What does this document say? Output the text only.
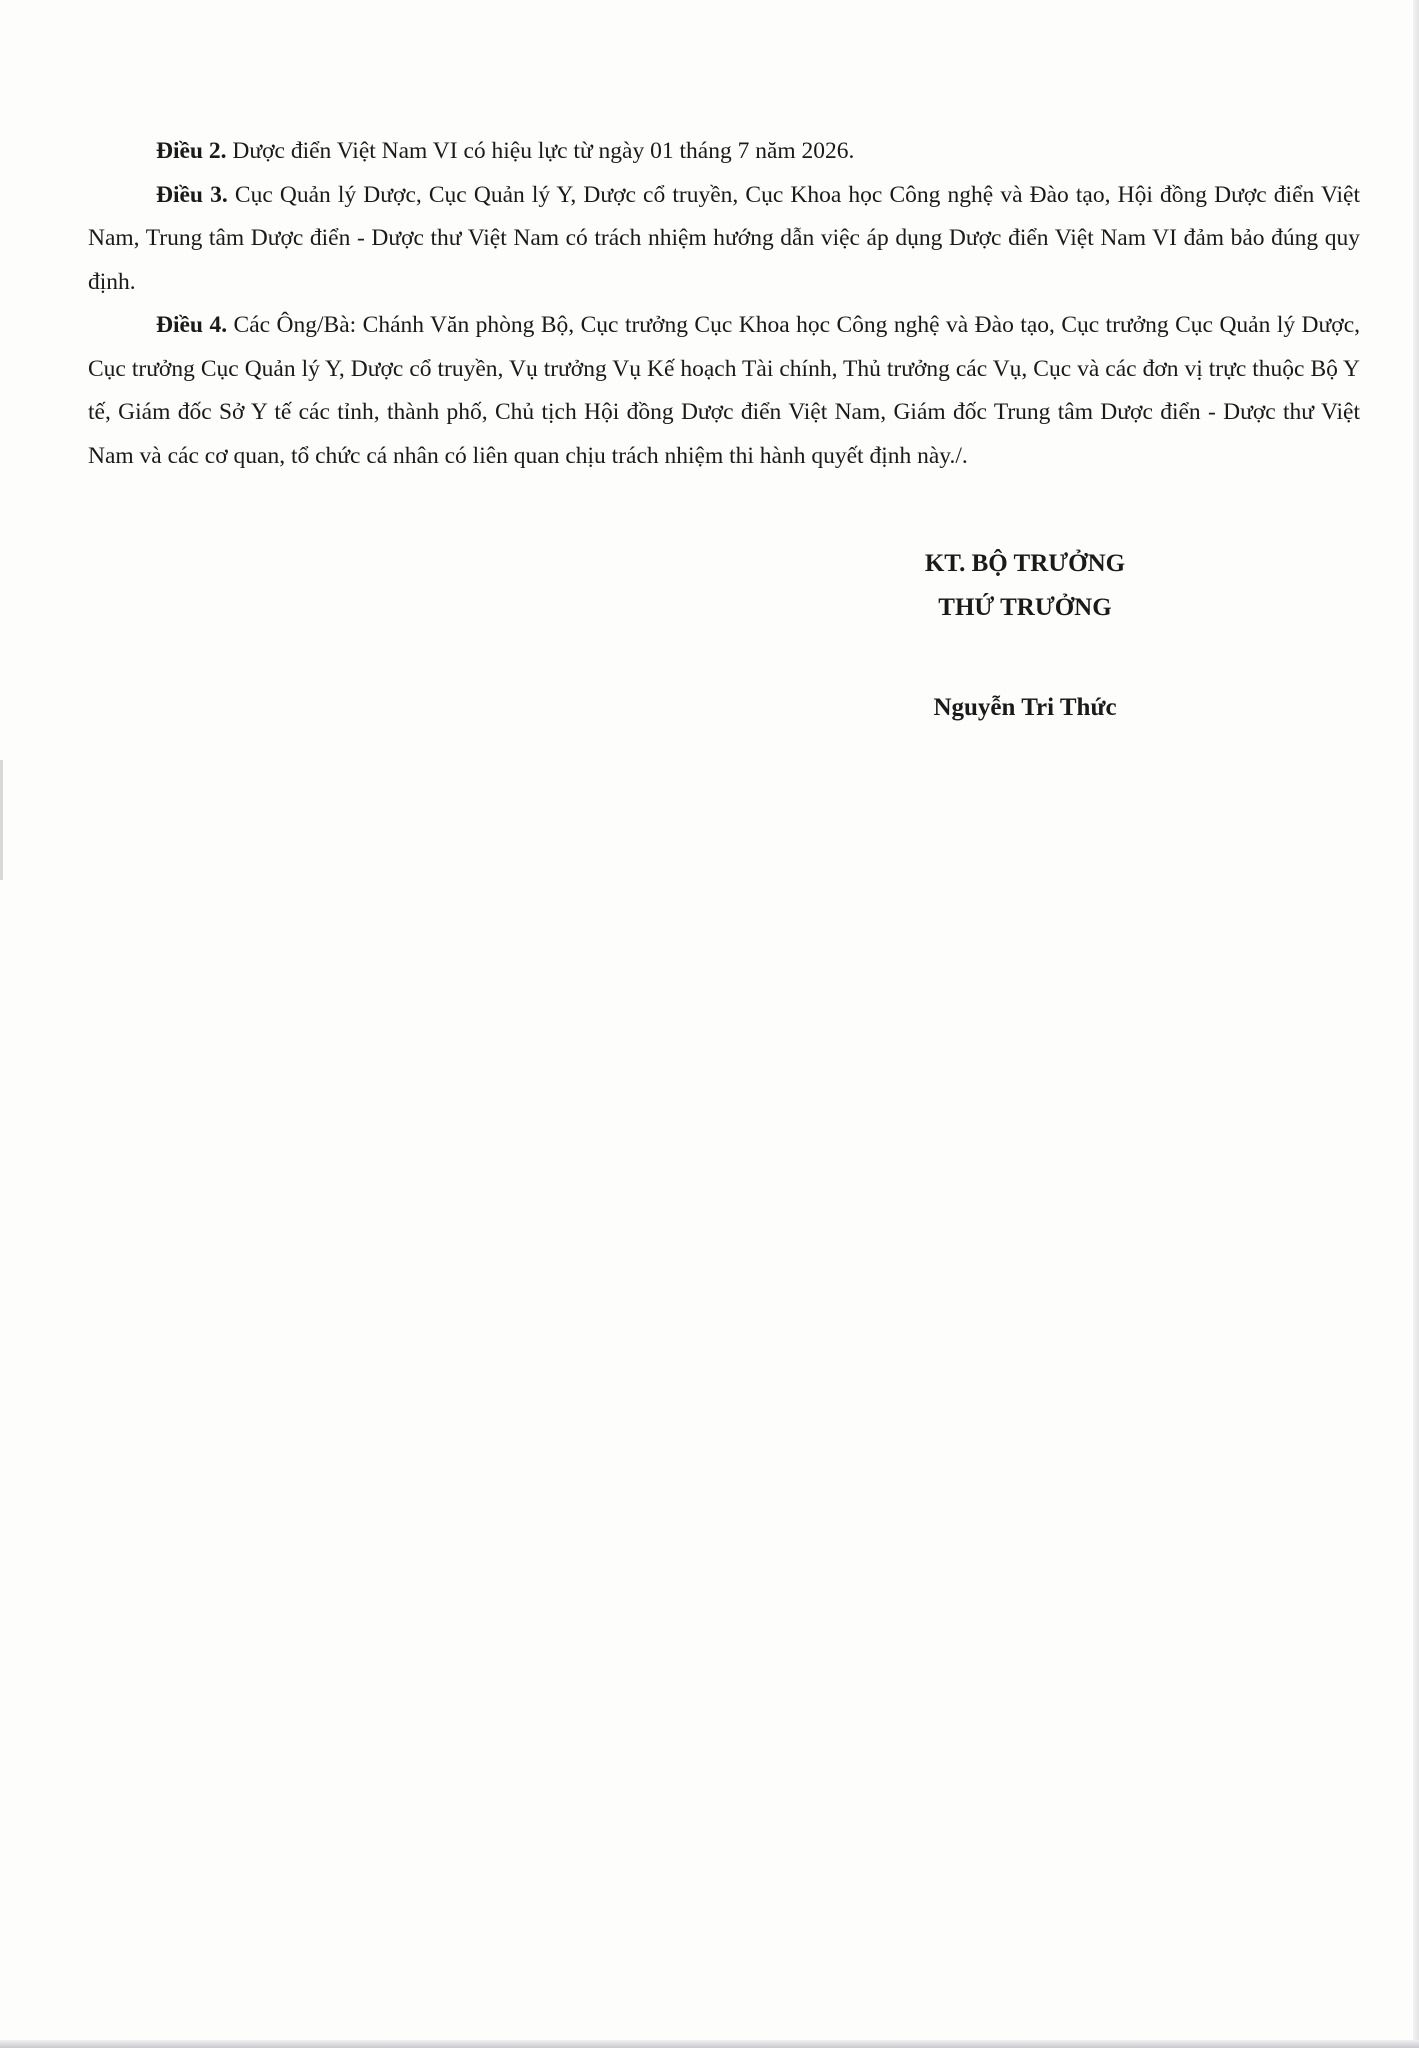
Điều 2. Dược điển Việt Nam VI có hiệu lực từ ngày 01 tháng 7 năm 2026.

Điều 3. Cục Quản lý Dược, Cục Quản lý Y, Dược cổ truyền, Cục Khoa học Công nghệ và Đào tạo, Hội đồng Dược điển Việt Nam, Trung tâm Dược điển - Dược thư Việt Nam có trách nhiệm hướng dẫn việc áp dụng Dược điển Việt Nam VI đảm bảo đúng quy định.

Điều 4. Các Ông/Bà: Chánh Văn phòng Bộ, Cục trưởng Cục Khoa học Công nghệ và Đào tạo, Cục trưởng Cục Quản lý Dược, Cục trưởng Cục Quản lý Y, Dược cổ truyền, Vụ trưởng Vụ Kế hoạch Tài chính, Thủ trưởng các Vụ, Cục và các đơn vị trực thuộc Bộ Y tế, Giám đốc Sở Y tế các tỉnh, thành phố, Chủ tịch Hội đồng Dược điển Việt Nam, Giám đốc Trung tâm Dược điển - Dược thư Việt Nam và các cơ quan, tổ chức cá nhân có liên quan chịu trách nhiệm thi hành quyết định này./.

KT. BỘ TRƯỞNG
THỨ TRƯỞNG
Nguyễn Tri Thức
